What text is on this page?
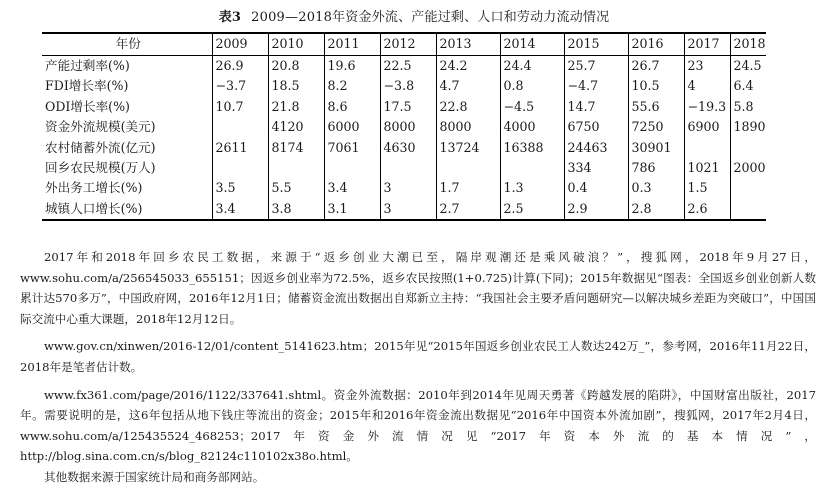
表3 2009—2018年资金外流、产能过剩、人口和劳动力流动情况
年份	2009	2010	2011	2012	2013	2014	2015	2016	2017	2018
产能过剩率(%)	26.9	20.8	19.6	22.5	24.2	24.4	25.7	26.7	23	24.5
FDI增长率(%)	−3.7	18.5	8.2	−3.8	4.7	0.8	−4.7	10.5	4	6.4
ODI增长率(%)	10.7	21.8	8.6	17.5	22.8	−4.5	14.7	55.6	−19.3	5.8
资金外流规模(美元)		4120	6000	8000	8000	4000	6750	7250	6900	1890
农村储蓄外流(亿元)	2611	8174	7061	4630	13724	16388	24463	30901		
回乡农民规模(万人)							334	786	1021	2000
外出务工增长(%)	3.5	5.5	3.4	3	1.7	1.3	0.4	0.3	1.5	
城镇人口增长(%)	3.4	3.8	3.1	3	2.7	2.5	2.9	2.8	2.6	

2017年和2018年回乡农民工数据，来源于“返乡创业大潮已至，隔岸观潮还是乘风破浪？”，搜狐网，2018年9月27日，www.sohu.com/a/256545033_655151；因返乡创业率为72.5%，返乡农民按照(1+0.725)计算(下同)；2015年数据见“图表：全国返乡创业创新人数累计达570多万”，中国政府网，2016年12月1日；储蓄资金流出数据出自郑新立主持：“我国社会主要矛盾问题研究—以解决城乡差距为突破口”，中国国际交流中心重大课题，2018年12月12日。

www.gov.cn/xinwen/2016-12/01/content_5141623.htm；2015年见“2015年国返乡创业农民工人数达242万_”，参考网，2016年11月22日，2018年是笔者估计数。

www.fx361.com/page/2016/1122/337641.shtml。资金外流数据：2010年到2014年见周天勇著《跨越发展的陷阱》，中国财富出版社，2017年。需要说明的是，这6年包括从地下钱庄等流出的资金；2015年和2016年资金流出数据见“2016年中国资本外流加剧”，搜狐网，2017年2月4日，www.sohu.com/a/125435524_468253；2017年资金外流情况见“2017年资本外流的基本情况”，http://blog.sina.com.cn/s/blog_82124c110102x38o.html。

其他数据来源于国家统计局和商务部网站。
